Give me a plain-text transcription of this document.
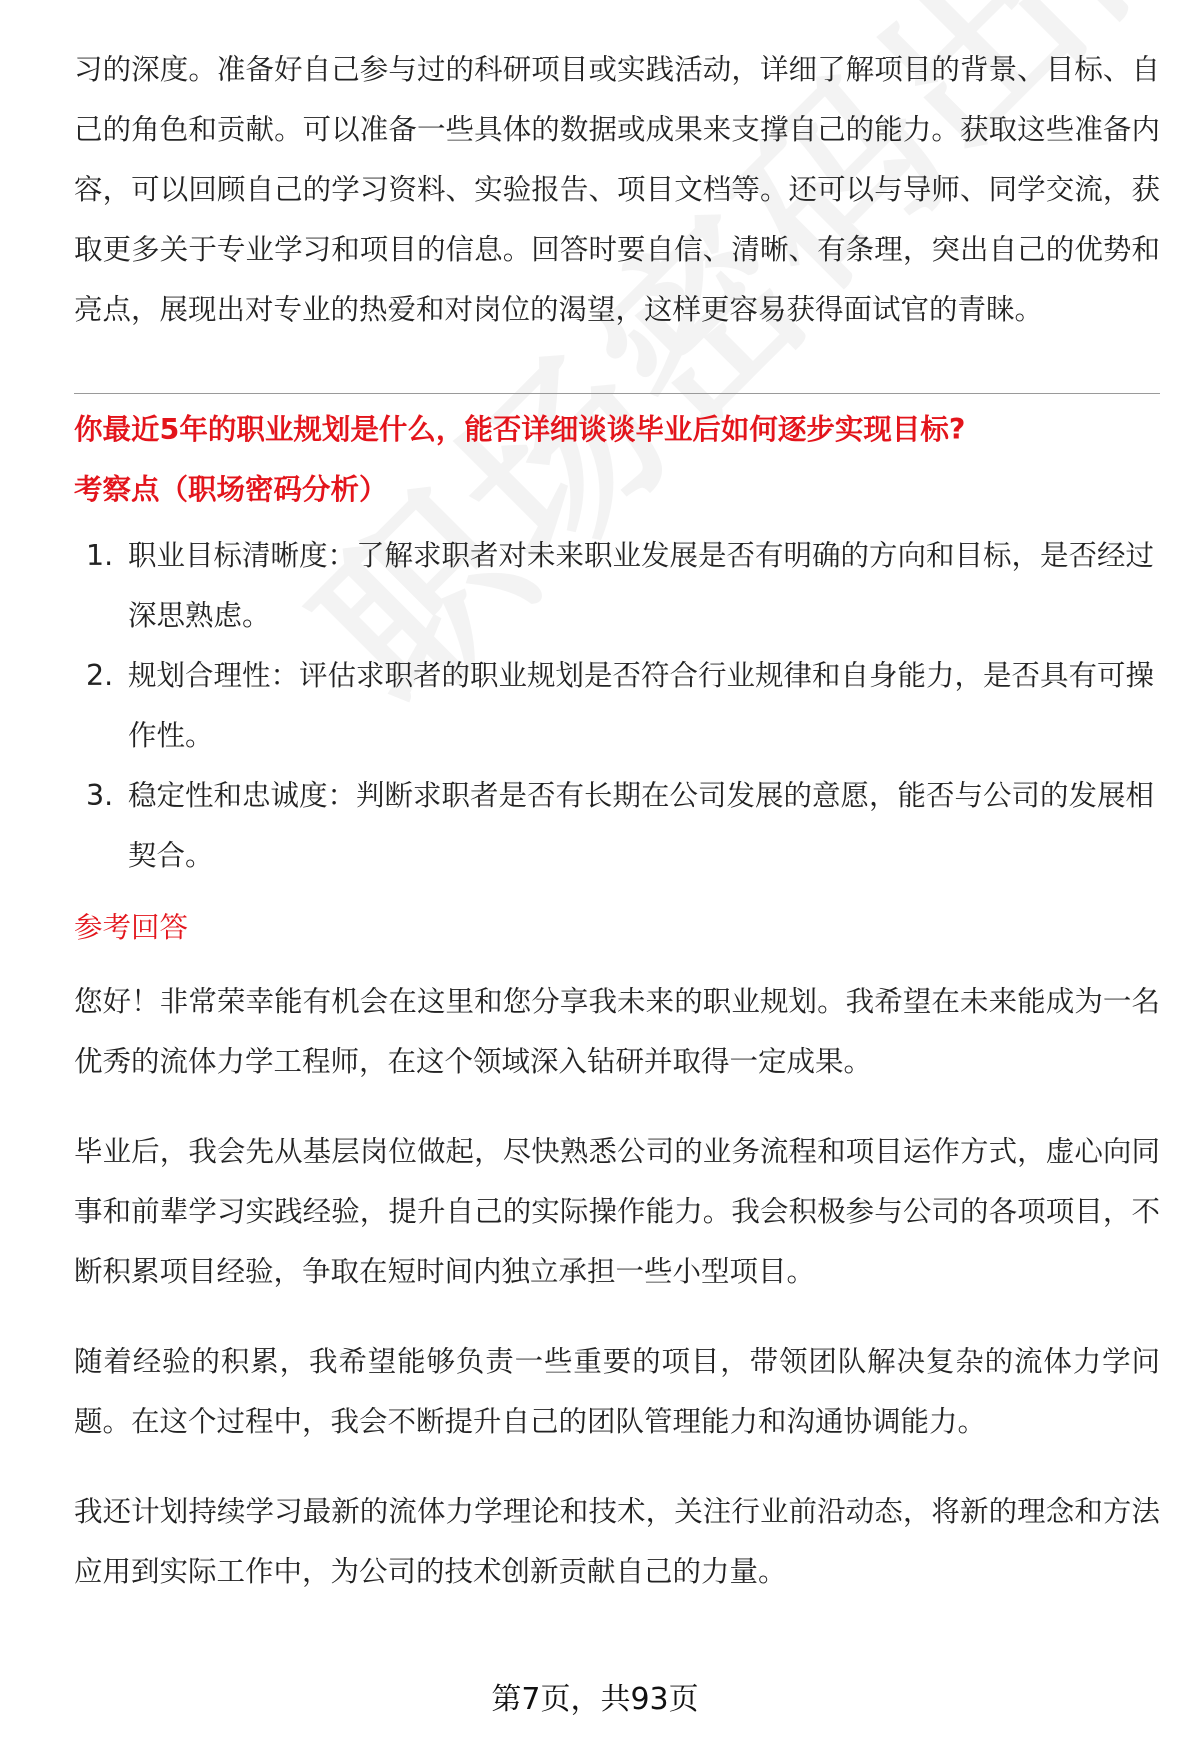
习的深度。准备好自己参与过的科研项目或实践活动，详细了解项目的背景、目标、自己的角色和贡献。可以准备一些具体的数据或成果来支撑自己的能力。获取这些准备内容，可以回顾自己的学习资料、实验报告、项目文档等。还可以与导师、同学交流，获取更多关于专业学习和项目的信息。回答时要自信、清晰、有条理，突出自己的优势和亮点，展现出对专业的热爱和对岗位的渴望，这样更容易获得面试官的青睐。

你最近5年的职业规划是什么，能否详细谈谈毕业后如何逐步实现目标?

考察点（职场密码分析）

1. 职业目标清晰度：了解求职者对未来职业发展是否有明确的方向和目标，是否经过深思熟虑。
2. 规划合理性：评估求职者的职业规划是否符合行业规律和自身能力，是否具有可操作性。
3. 稳定性和忠诚度：判断求职者是否有长期在公司发展的意愿，能否与公司的发展相契合。

参考回答

您好！非常荣幸能有机会在这里和您分享我未来的职业规划。我希望在未来能成为一名优秀的流体力学工程师，在这个领域深入钻研并取得一定成果。

毕业后，我会先从基层岗位做起，尽快熟悉公司的业务流程和项目运作方式，虚心向同事和前辈学习实践经验，提升自己的实际操作能力。我会积极参与公司的各项项目，不断积累项目经验，争取在短时间内独立承担一些小型项目。

随着经验的积累，我希望能够负责一些重要的项目，带领团队解决复杂的流体力学问题。在这个过程中，我会不断提升自己的团队管理能力和沟通协调能力。

我还计划持续学习最新的流体力学理论和技术，关注行业前沿动态，将新的理念和方法应用到实际工作中，为公司的技术创新贡献自己的力量。

第7页，共93页
